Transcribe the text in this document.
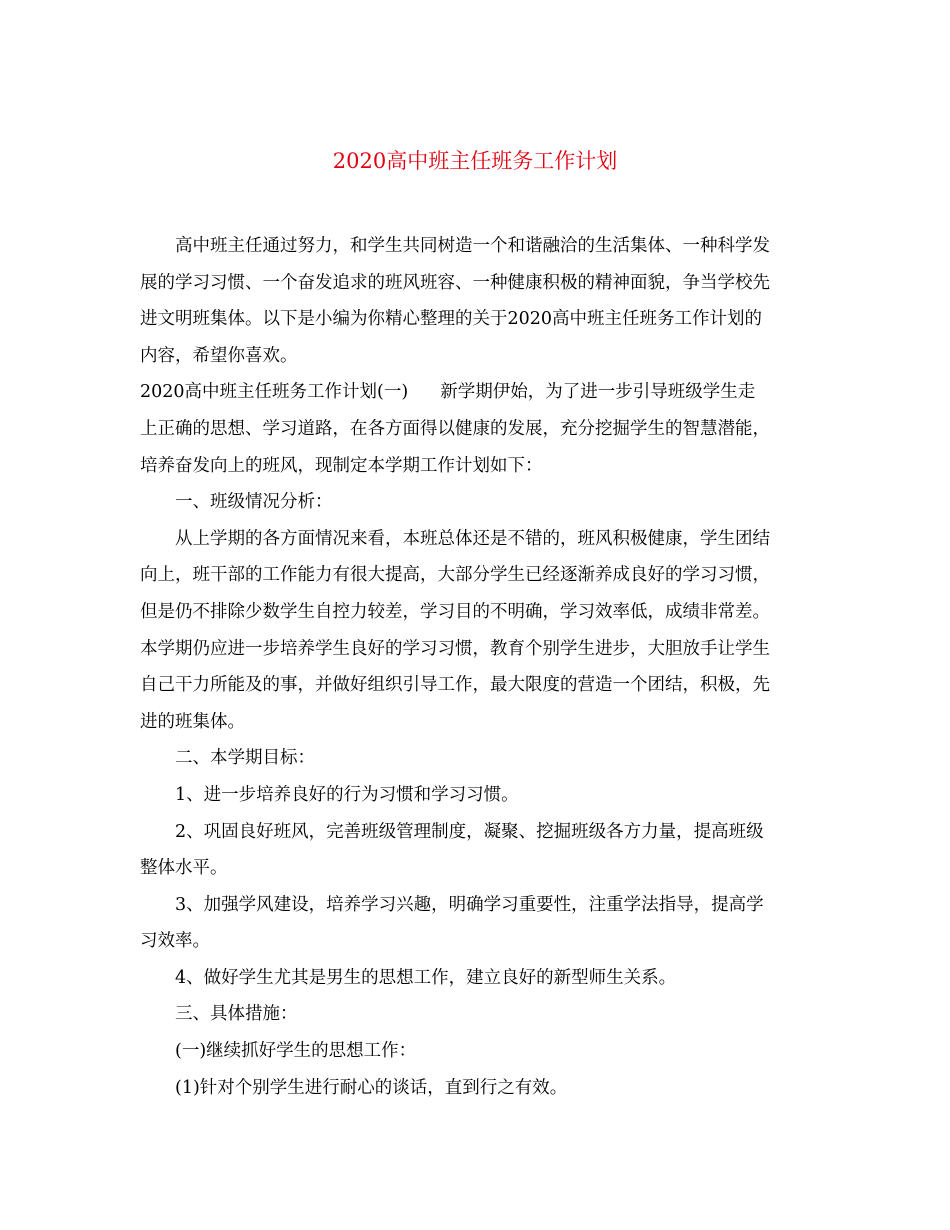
2020高中班主任班务工作计划

高中班主任通过努力，和学生共同树造一个和谐融洽的生活集体、一种科学发

展的学习习惯、一个奋发追求的班风班容、一种健康积极的精神面貌，争当学校先

进文明班集体。以下是小编为你精心整理的关于2020高中班主任班务工作计划的

内容，希望你喜欢。

2020高中班主任班务工作计划(一) 新学期伊始，为了进一步引导班级学生走

上正确的思想、学习道路，在各方面得以健康的发展，充分挖掘学生的智慧潜能，

培养奋发向上的班风，现制定本学期工作计划如下：

一、班级情况分析：

从上学期的各方面情况来看，本班总体还是不错的，班风积极健康，学生团结

向上，班干部的工作能力有很大提高，大部分学生已经逐渐养成良好的学习习惯，

但是仍不排除少数学生自控力较差，学习目的不明确，学习效率低，成绩非常差。

本学期仍应进一步培养学生良好的学习习惯，教育个别学生进步，大胆放手让学生

自己干力所能及的事，并做好组织引导工作，最大限度的营造一个团结，积极，先

进的班集体。

二、本学期目标：

1、进一步培养良好的行为习惯和学习习惯。

2、巩固良好班风，完善班级管理制度，凝聚、挖掘班级各方力量，提高班级

整体水平。

3、加强学风建设，培养学习兴趣，明确学习重要性，注重学法指导，提高学

习效率。

4、做好学生尤其是男生的思想工作，建立良好的新型师生关系。

三、具体措施：

(一)继续抓好学生的思想工作：

(1)针对个别学生进行耐心的谈话，直到行之有效。
